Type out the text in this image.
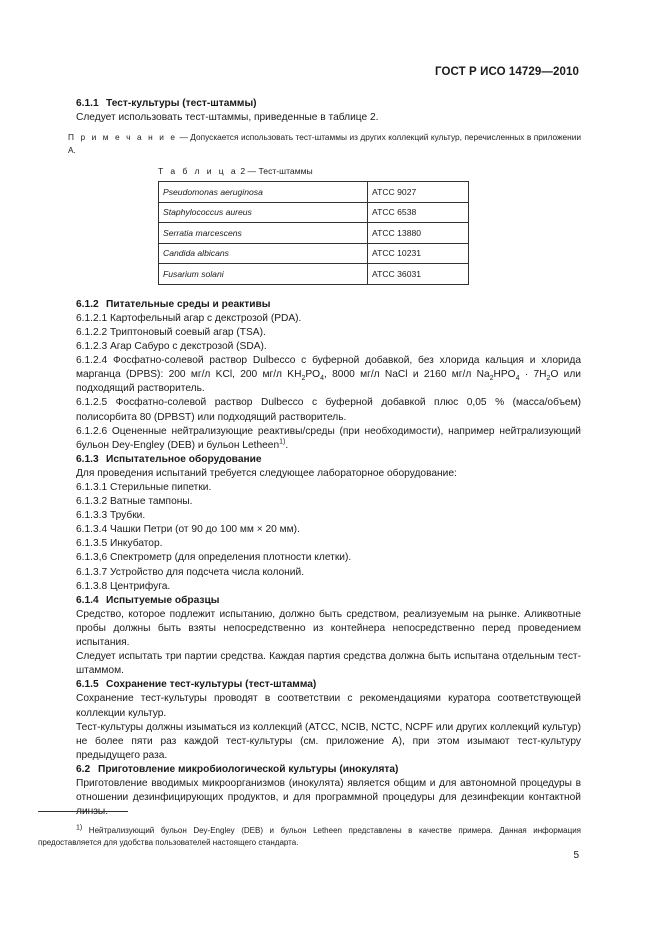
ГОСТ Р ИСО 14729—2010

6.1.1 Тест-культуры (тест-штаммы)

Следует использовать тест-штаммы, приведенные в таблице 2.

П р и м е ч а н и е — Допускается использовать тест-штаммы из других коллекций культур, перечисленных в приложении А.

Т а б л и ц а 2 — Тест-штаммы

Pseudomonas aeruginosa	ATCC 9027
Staphylococcus aureus	ATCC 6538
Serratia marcescens	ATCC 13880
Candida albicans	ATCC 10231
Fusarium solani	ATCC 36031

6.1.2 Питательные среды и реактивы

6.1.2.1 Картофельный агар с декстрозой (PDA).

6.1.2.2 Триптоновый соевый агар (TSA).

6.1.2.3 Агар Сабуро с декстрозой (SDA).

6.1.2.4 Фосфатно-солевой раствор Dulbecco с буферной добавкой, без хлорида кальция и хлорида марганца (DPBS): 200 мг/л KCl, 200 мг/л $KH_2PO_4$, 8000 мг/л NaCl и 2160 мг/л $Na_2HPO_4 \cdot 7H_2O$ или подходящий растворитель.

6.1.2.5 Фосфатно-солевой раствор Dulbecco с буферной добавкой плюс 0,05 % (масса/объем) полисорбита 80 (DPBST) или подходящий растворитель.

6.1.2.6 Оцененные нейтрализующие реактивы/среды (при необходимости), например нейтрализующий бульон Dey-Engley (DEB) и бульон Letheen$^{1)}$.

6.1.3 Испытательное оборудование

Для проведения испытаний требуется следующее лабораторное оборудование:

6.1.3.1 Стерильные пипетки.

6.1.3.2 Ватные тампоны.

6.1.3.3 Трубки.

6.1.3.4 Чашки Петри (от 90 до 100 мм × 20 мм).

6.1.3.5 Инкубатор.

6.1.3,6 Спектрометр (для определения плотности клетки).

6.1.3.7 Устройство для подсчета числа колоний.

6.1.3.8 Центрифуга.

6.1.4 Испытуемые образцы

Средство, которое подлежит испытанию, должно быть средством, реализуемым на рынке. Аликвотные пробы должны быть взяты непосредственно из контейнера непосредственно перед проведением испытания.

Следует испытать три партии средства. Каждая партия средства должна быть испытана отдельным тест-штаммом.

6.1.5 Сохранение тест-культуры (тест-штамма)

Сохранение тест-культуры проводят в соответствии с рекомендациями куратора соответствующей коллекции культур.

Тест-культуры должны изыматься из коллекций (ATCC, NCIB, NCTC, NCPF или других коллекций культур) не более пяти раз каждой тест-культуры (см. приложение А), при этом изымают тест-культуру предыдущего раза.

6.2 Приготовление микробиологической культуры (инокулята)

Приготовление вводимых микроорганизмов (инокулята) является общим и для автономной процедуры в отношении дезинфицирующих продуктов, и для программной процедуры для дезинфекции контактной линзы.

$^{1)}$ Нейтрализующий бульон Dey-Engley (DEB) и бульон Letheen представлены в качестве примера. Данная информация предоставляется для удобства пользователей настоящего стандарта.

5
